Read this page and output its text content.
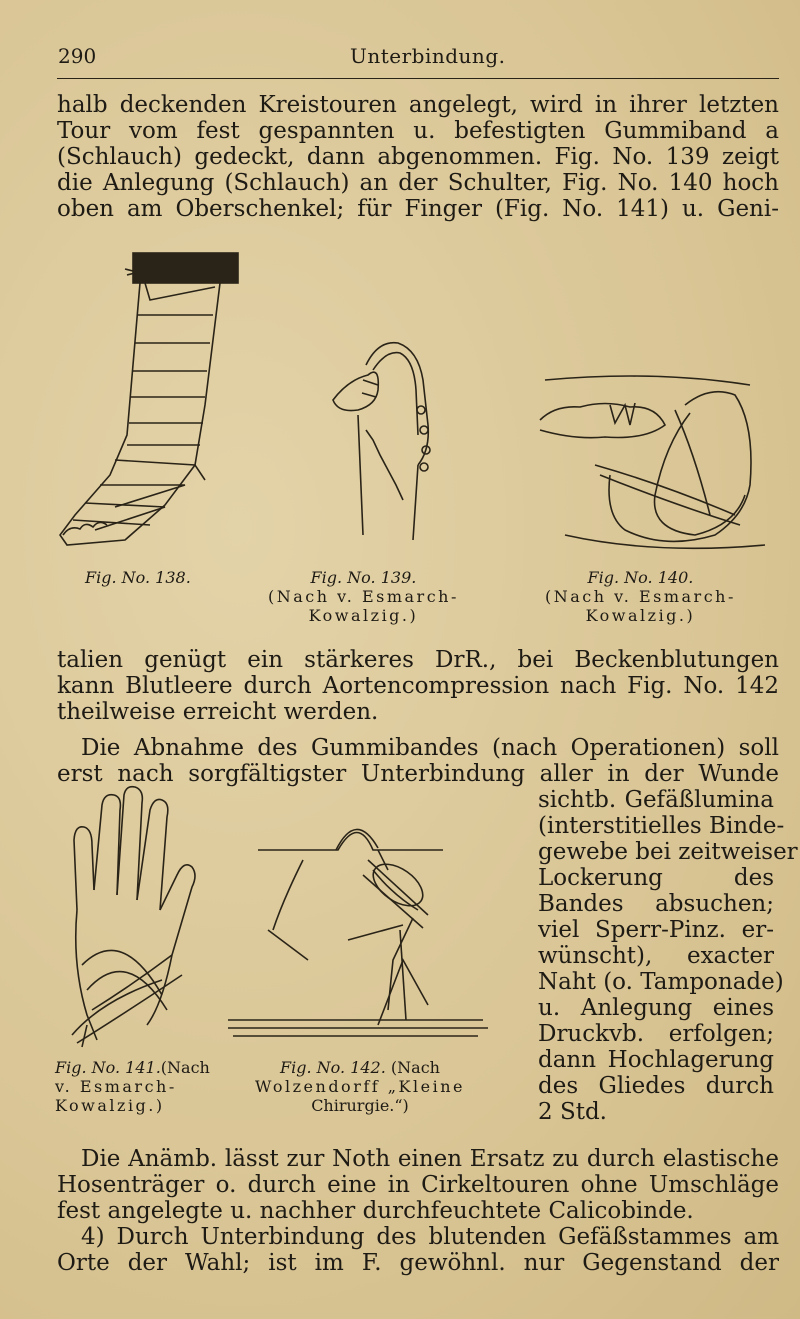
290	Unterbindung.
halb deckenden Kreistouren angelegt, wird in ihrer letzten
Tour vom fest gespannten u. befestigten Gummiband a
(Schlauch) gedeckt, dann abgenommen. Fig. No. 139 zeigt
die Anlegung (Schlauch) an der Schulter, Fig. No. 140 hoch
oben am Oberschenkel; für Finger (Fig. No. 141) u. Geni-
Fig. No. 138.	Fig. No. 139.
(Nach v. Esmarch-
Kowalzig.)
Fig. No. 140.
(Nach v. Esmarch-
Kowalzig.)
talien genügt ein stärkeres DrR., bei Beckenblutungen
kann Blutleere durch Aortencompression nach Fig. No. 142
theilweise erreicht werden.
Die Abnahme des Gummibandes (nach Operationen) soll
erst nach sorgfältigster Unterbindung aller in der Wunde
sichtb. Gefäßlumina
(interstitielles Binde-
gewebe bei zeitweiser
Lockerung des
Bandes absuchen;
viel Sperr-Pinz. er-
wünscht), exacter
Naht (o. Tamponade)
u. Anlegung eines
Druckvb. erfolgen;
dann Hochlagerung
des Gliedes durch
2 Std.
Fig. No. 141.(Nach
v. Esmarch-
Kowalzig.)
Fig. No. 142. (Nach
Wolzendorff „Kleine
Chirurgie.“)
Die Anämb. lässt zur Noth einen Ersatz zu durch elastische
Hosenträger o. durch eine in Cirkeltouren ohne Umschläge
fest angelegte u. nachher durchfeuchtete Calicobinde.
4) Durch Unterbindung des blutenden Gefäßstammes am
Orte der Wahl; ist im F. gewöhnl. nur Gegenstand der
